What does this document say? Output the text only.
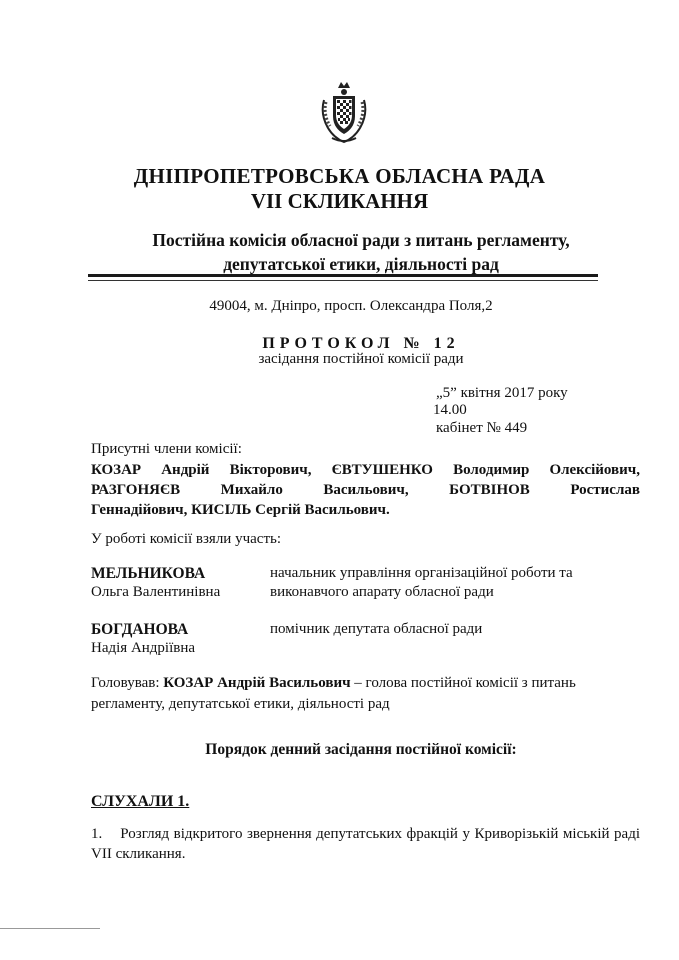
ДНІПРОПЕТРОВСЬКА ОБЛАСНА РАДА
VII СКЛИКАННЯ
Постійна комісія обласної ради з питань регламенту,
депутатської етики, діяльності рад
49004, м. Дніпро, просп. Олександра Поля,2
ПРОТОКОЛ № 12
засідання постійної комісії ради
„5” квітня 2017 року
14.00
кабінет № 449
Присутні члени комісії:
КОЗАР Андрій Вікторович, ЄВТУШЕНКО Володимир Олексійович,
РАЗГОНЯЄВ Михайло Васильович, БОТВІНОВ Ростислав
Геннадійович, КИСІЛЬ Сергій Васильович.
У роботі комісії взяли участь:
МЕЛЬНИКОВА
Ольга Валентинівна
начальник управління організаційної роботи та
виконавчого апарату обласної ради
БОГДАНОВА
Надія Андріївна
помічник депутата обласної ради
Головував: КОЗАР Андрій Васильович – голова постійної комісії з питань
регламенту, депутатської етики, діяльності рад
Порядок денний засідання постійної комісії:
СЛУХАЛИ 1.
1. Розгляд відкритого звернення депутатських фракцій у Криворізькій міській раді VII скликання.
